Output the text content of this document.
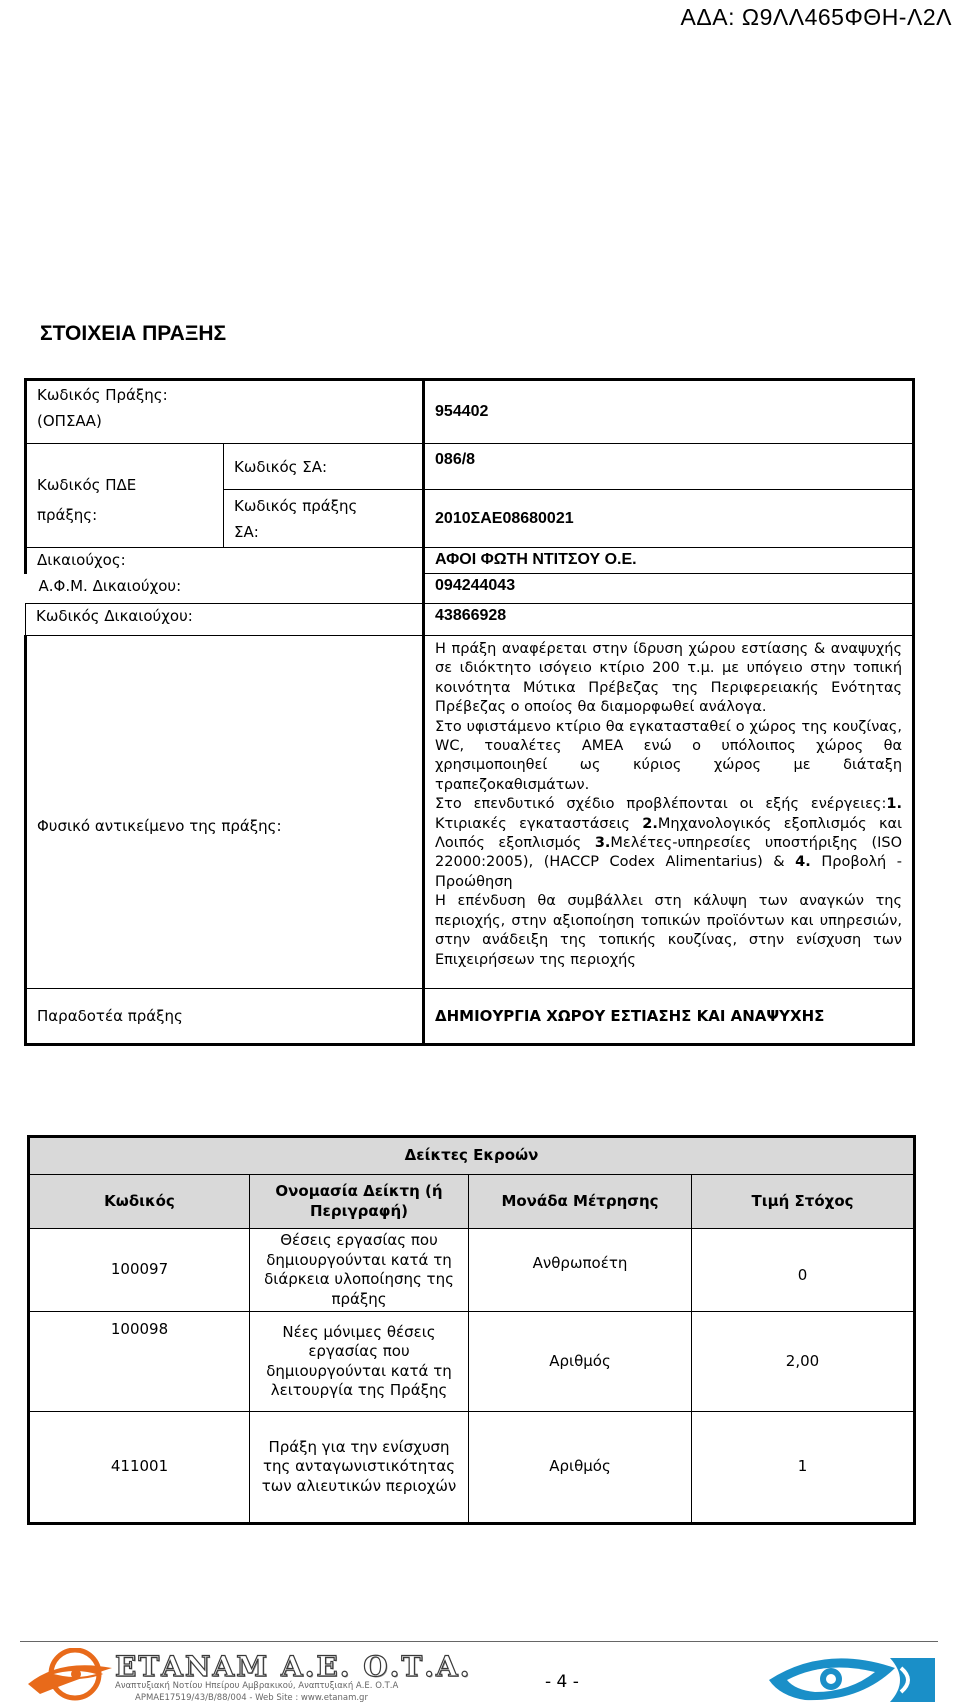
ΑΔΑ: Ω9ΛΛ465ΦΘΗ-Λ2Λ
ΣΤΟΙΧΕΙΑ ΠΡΑΞΗΣ
Κωδικός Πράξης:
(ΟΠΣΑΑ)		954402

Κωδικός ΠΔΕ
πράξης:	Κωδικός ΣΑ:	086/8

	Κωδικός πράξης
ΣΑ:	2010ΣΑΕ08680021
Δικαιούχος:		ΑΦΟΙ ΦΩΤΗ ΝΤΙΤΣΟΥ Ο.Ε.
Α.Φ.Μ. Δικαιούχου:		094244043
Κωδικός Δικαιούχου:		43866928
Φυσικό αντικείμενο της πράξης:		Η πράξη αναφέρεται στην ίδρυση χώρου εστίασης & αναψυχής σε ιδιόκτητο ισόγειο κτίριο 200 τ.μ. με υπόγειο στην τοπική κοινότητα Μύτικα Πρέβεζας της Περιφερειακής Ενότητας Πρέβεζας ο οποίος θα διαμορφωθεί ανάλογα.
Στο υφιστάμενο κτίριο θα εγκατασταθεί ο χώρος της κουζίνας, WC, τουαλέτες ΑΜΕΑ ενώ ο υπόλοιπος χώρος θα χρησιμοποιηθεί ως κύριος χώρος με διάταξη τραπεζοκαθισμάτων.
Στο επενδυτικό σχέδιο προβλέπονται οι εξής ενέργειες:1. Κτιριακές εγκαταστάσεις 2.Μηχανολογικός εξοπλισμός και Λοιπός εξοπλισμός 3.Μελέτες-υπηρεσίες υποστήριξης (ISO 22000:2005), (HACCP Codex Alimentarius) & 4. Προβολή - Προώθηση
Η επένδυση θα συμβάλλει στη κάλυψη των αναγκών της περιοχής, στην αξιοποίηση τοπικών προϊόντων και υπηρεσιών, στην ανάδειξη της τοπικής κουζίνας, στην ενίσχυση των Επιχειρήσεων της περιοχής

Παραδοτέα πράξης		ΔΗΜΙΟΥΡΓΙΑ ΧΩΡΟΥ ΕΣΤΙΑΣΗΣ ΚΑΙ ΑΝΑΨΥΧΗΣ
Δείκτες Εκροών			
Κωδικός	Ονομασία Δείκτη (ή Περιγραφή)	Μονάδα Μέτρησης	Τιμή Στόχος
100097	Θέσεις εργασίας που δημιουργούνται κατά τη διάρκεια υλοποίησης της πράξης	Ανθρωποέτη	0
100098	Νέες μόνιμες θέσεις εργασίας που δημιουργούνται κατά τη λειτουργία της Πράξης	Αριθμός	2,00
411001	Πράξη για την ενίσχυση της ανταγωνιστικότητας των αλιευτικών περιοχών	Αριθμός	1
ΕΤΑΝΑΜ Α.Ε. Ο.Τ.Α.
Αναπτυξιακή Νοτίου Ηπείρου Αμβρακικού, Αναπτυξιακή Α.Ε. Ο.Τ.Α
ΑΡΜΑΕ17519/43/Β/88/004 - Web Site : www.etanam.gr
- 4 -
